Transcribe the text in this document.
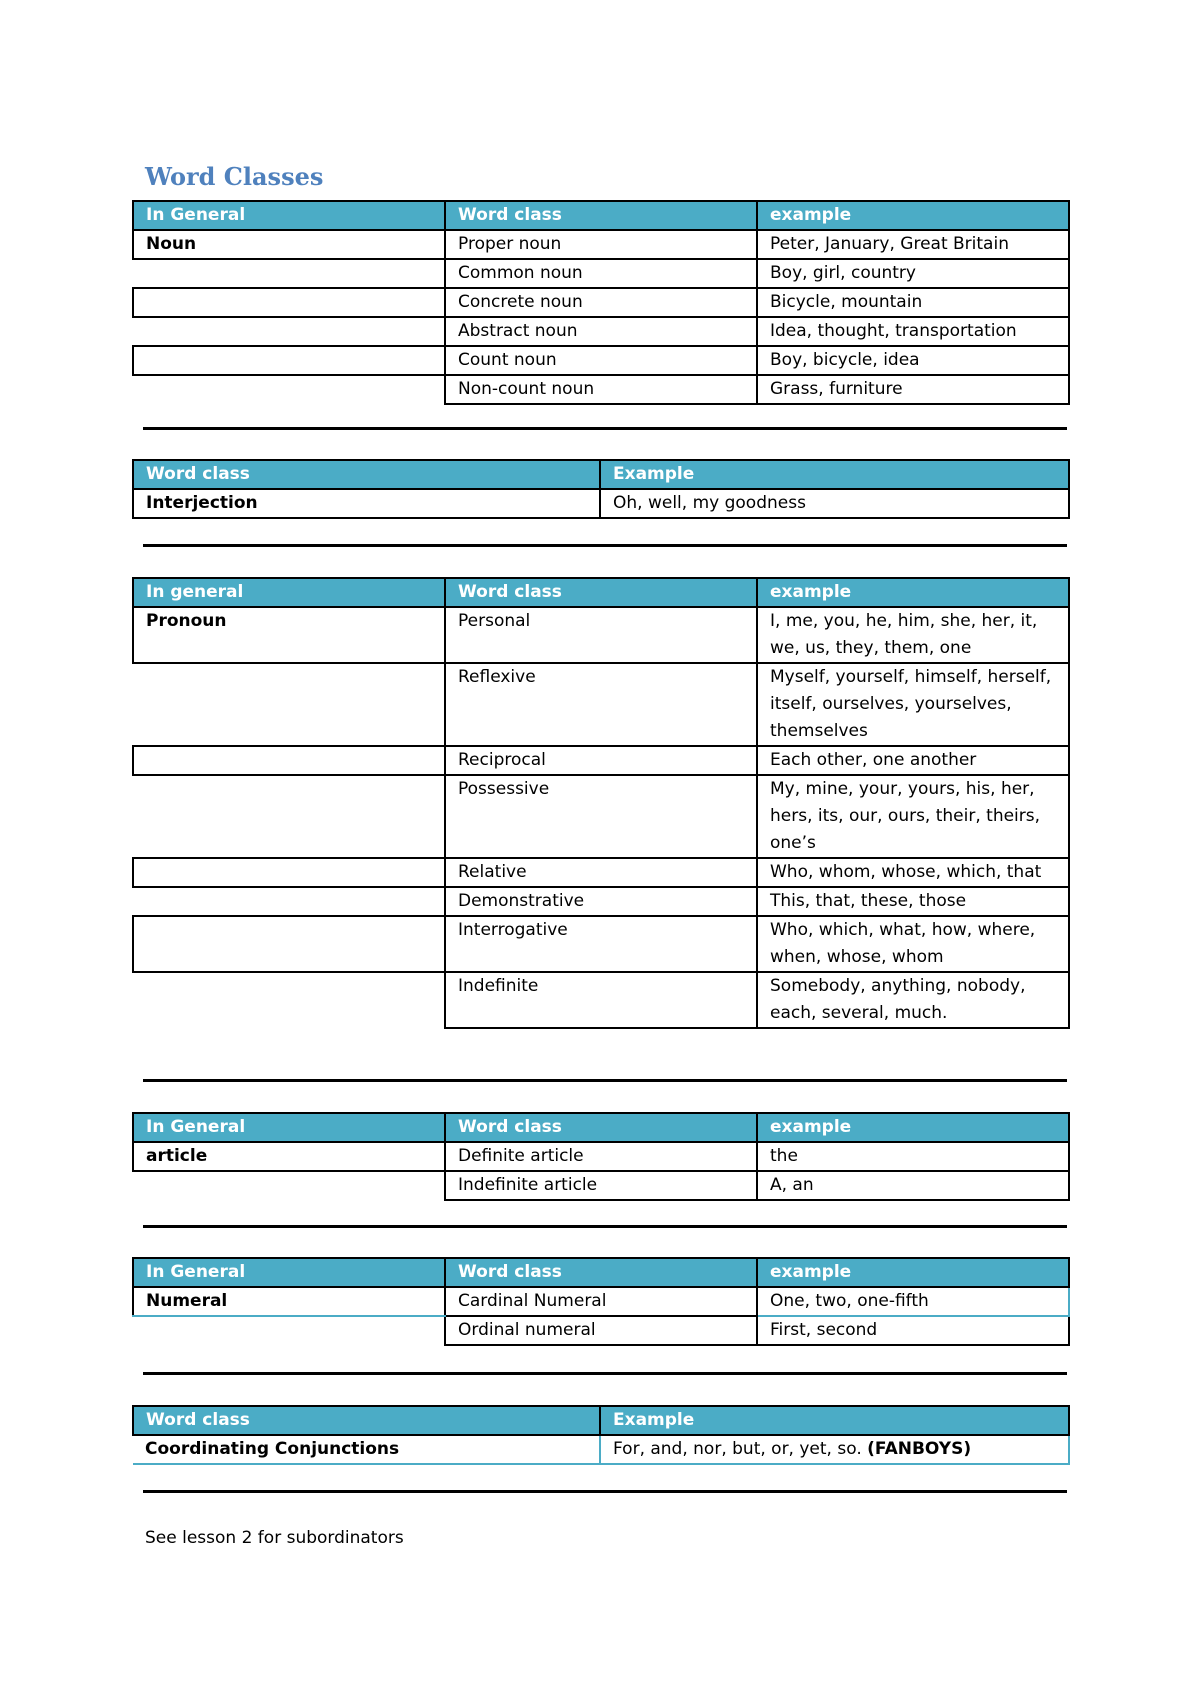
Word Classes
In General	Word class	example
Noun	Proper noun	Peter, January, Great Britain
	Common noun	Boy, girl, country
	Concrete noun	Bicycle, mountain
	Abstract noun	Idea, thought, transportation
	Count noun	Boy, bicycle, idea
	Non-count noun	Grass, furniture
Word class	Example
Interjection	Oh, well, my goodness
In general	Word class	example
Pronoun	Personal	I, me, you, he, him, she, her, it, we, us, they, them, one
	Reflexive	Myself, yourself, himself, herself, itself, ourselves, yourselves, themselves
	Reciprocal	Each other, one another
	Possessive	My, mine, your, yours, his, her, hers, its, our, ours, their, theirs, one’s
	Relative	Who, whom, whose, which, that
	Demonstrative	This, that, these, those
	Interrogative	Who, which, what, how, where, when, whose, whom
	Indefinite	Somebody, anything, nobody, each, several, much.
In General	Word class	example
article	Definite article	the
	Indefinite article	A, an
In General	Word class	example
Numeral	Cardinal Numeral	One, two, one-fifth
	Ordinal numeral	First, second
Word class	Example
Coordinating Conjunctions	For, and, nor, but, or, yet, so. (FANBOYS)
See lesson 2 for subordinators
